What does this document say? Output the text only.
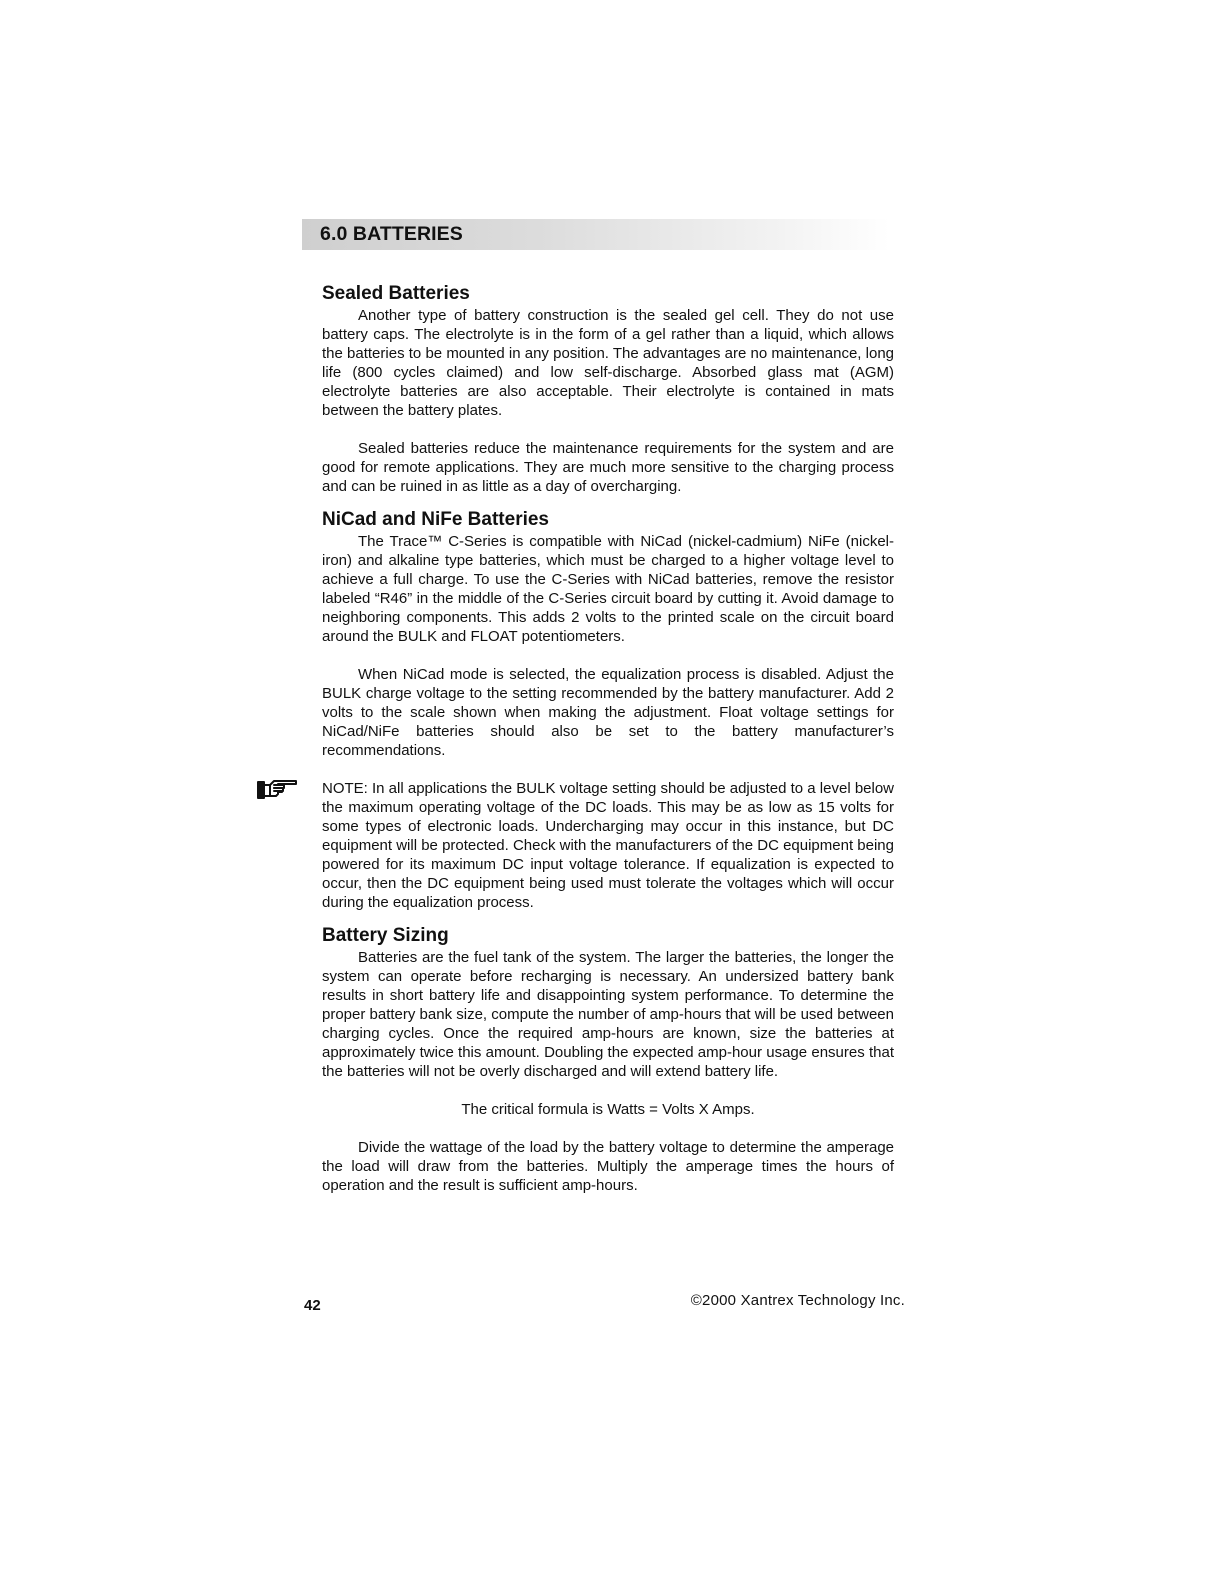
6.0 BATTERIES
Sealed Batteries

Another type of battery construction is the sealed gel cell. They do not use battery caps. The electrolyte is in the form of a gel rather than a liquid, which allows the batteries to be mounted in any position. The advantages are no maintenance, long life (800 cycles claimed) and low self-discharge. Absorbed glass mat (AGM) electrolyte batteries are also acceptable. Their electrolyte is contained in mats between the battery plates.

Sealed batteries reduce the maintenance requirements for the system and are good for remote applications. They are much more sensitive to the charging process and can be ruined in as little as a day of overcharging.

NiCad and NiFe Batteries

The Trace™ C-Series is compatible with NiCad (nickel-cadmium) NiFe (nickel-iron) and alkaline type batteries, which must be charged to a higher voltage level to achieve a full charge. To use the C-Series with NiCad batteries, remove the resistor labeled “R46” in the middle of the C-Series circuit board by cutting it. Avoid damage to neighboring components. This adds 2 volts to the printed scale on the circuit board around the BULK and FLOAT potentiometers.

When NiCad mode is selected, the equalization process is disabled. Adjust the BULK charge voltage to the setting recommended by the battery manufacturer. Add 2 volts to the scale shown when making the adjustment. Float voltage settings for NiCad/NiFe batteries should also be set to the battery manufacturer’s recommendations.

NOTE: In all applications the BULK voltage setting should be adjusted to a level below the maximum operating voltage of the DC loads. This may be as low as 15 volts for some types of electronic loads. Undercharging may occur in this instance, but DC equipment will be protected. Check with the manufacturers of the DC equipment being powered for its maximum DC input voltage tolerance. If equalization is expected to occur, then the DC equipment being used must tolerate the voltages which will occur during the equalization process.

Battery Sizing

Batteries are the fuel tank of the system. The larger the batteries, the longer the system can operate before recharging is necessary. An undersized battery bank results in short battery life and disappointing system performance. To determine the proper battery bank size, compute the number of amp-hours that will be used between charging cycles. Once the required amp-hours are known, size the batteries at approximately twice this amount. Doubling the expected amp-hour usage ensures that the batteries will not be overly discharged and will extend battery life.

The critical formula is Watts = Volts X Amps.

Divide the wattage of the load by the battery voltage to determine the amperage the load will draw from the batteries. Multiply the amperage times the hours of operation and the result is sufficient amp-hours.

42	©2000 Xantrex Technology Inc.
